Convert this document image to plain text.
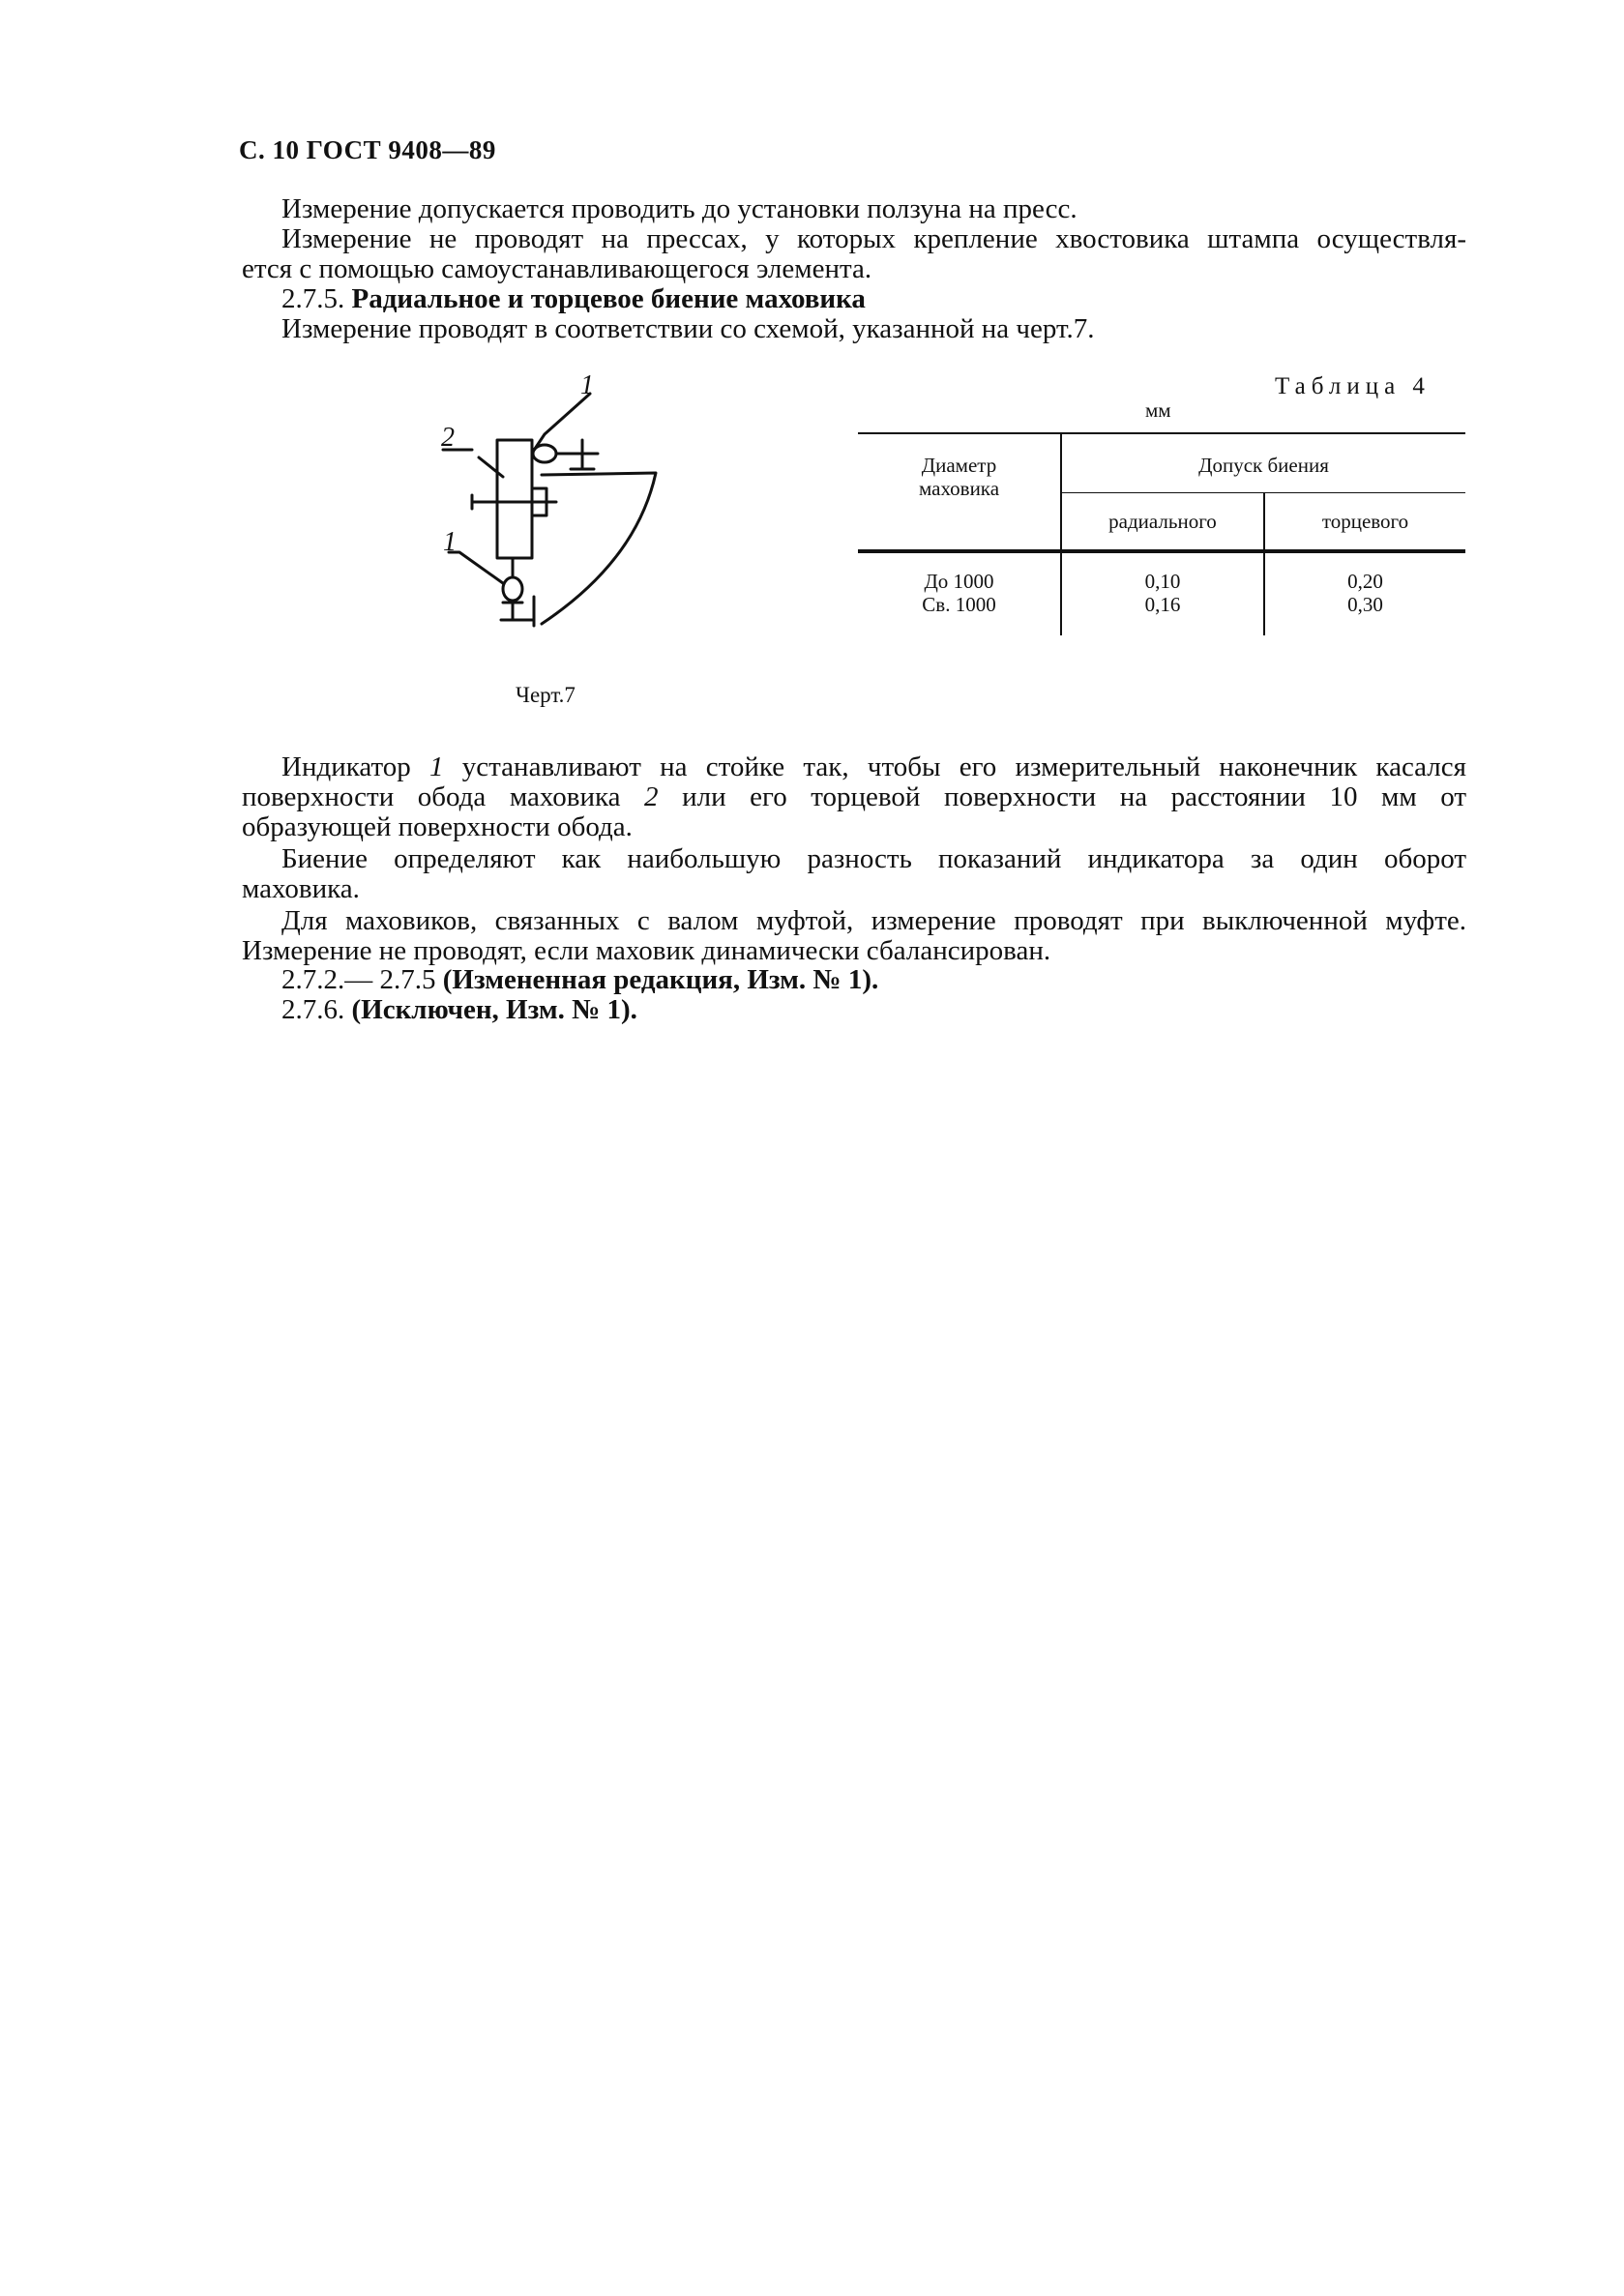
С. 10 ГОСТ 9408—89
Измерение допускается проводить до установки ползуна на пресс.
Измерение не проводят на прессах, у которых крепление хвостовика штампа осуществля-
ется с помощью самоустанавливающегося элемента.
2.7.5. Радиальное и торцевое биение маховика
Измерение проводят в соответствии со схемой, указанной на черт.7.
1
2
1
Черт.7
Таблица 4
мм
Диаметр
маховика
Допуск биения
радиального	торцевого
До 1000	0,10	0,20
Св. 1000	0,16	0,30
Индикатор 1 устанавливают на стойке так, чтобы его измерительный наконечник касался
поверхности обода маховика 2 или его торцевой поверхности на расстоянии 10 мм от
образующей поверхности обода.
Биение определяют как наибольшую разность показаний индикатора за один оборот
маховика.
Для маховиков, связанных с валом муфтой, измерение проводят при выключенной муфте.
Измерение не проводят, если маховик динамически сбалансирован.
2.7.2.— 2.7.5 (Измененная редакция, Изм. № 1).
2.7.6. (Исключен, Изм. № 1).
